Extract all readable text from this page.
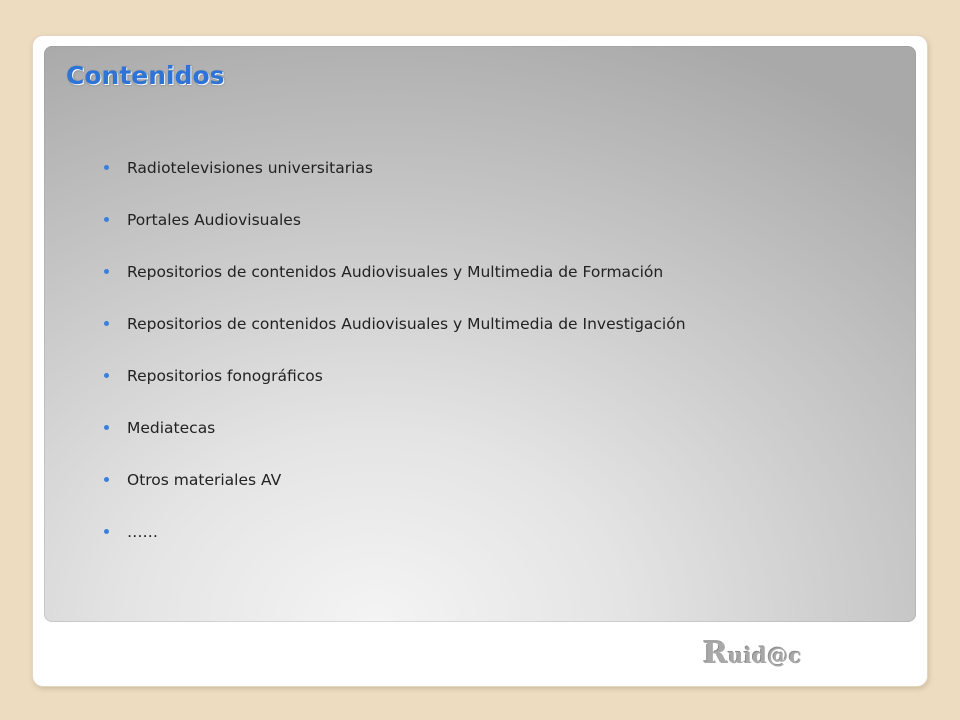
Contenidos
Radiotelevisiones universitarias
Portales Audiovisuales
Repositorios de contenidos Audiovisuales y Multimedia de Formación
Repositorios de contenidos Audiovisuales y Multimedia de Investigación
Repositorios fonográficos
Mediatecas
Otros materiales AV
……
Ruid@c
